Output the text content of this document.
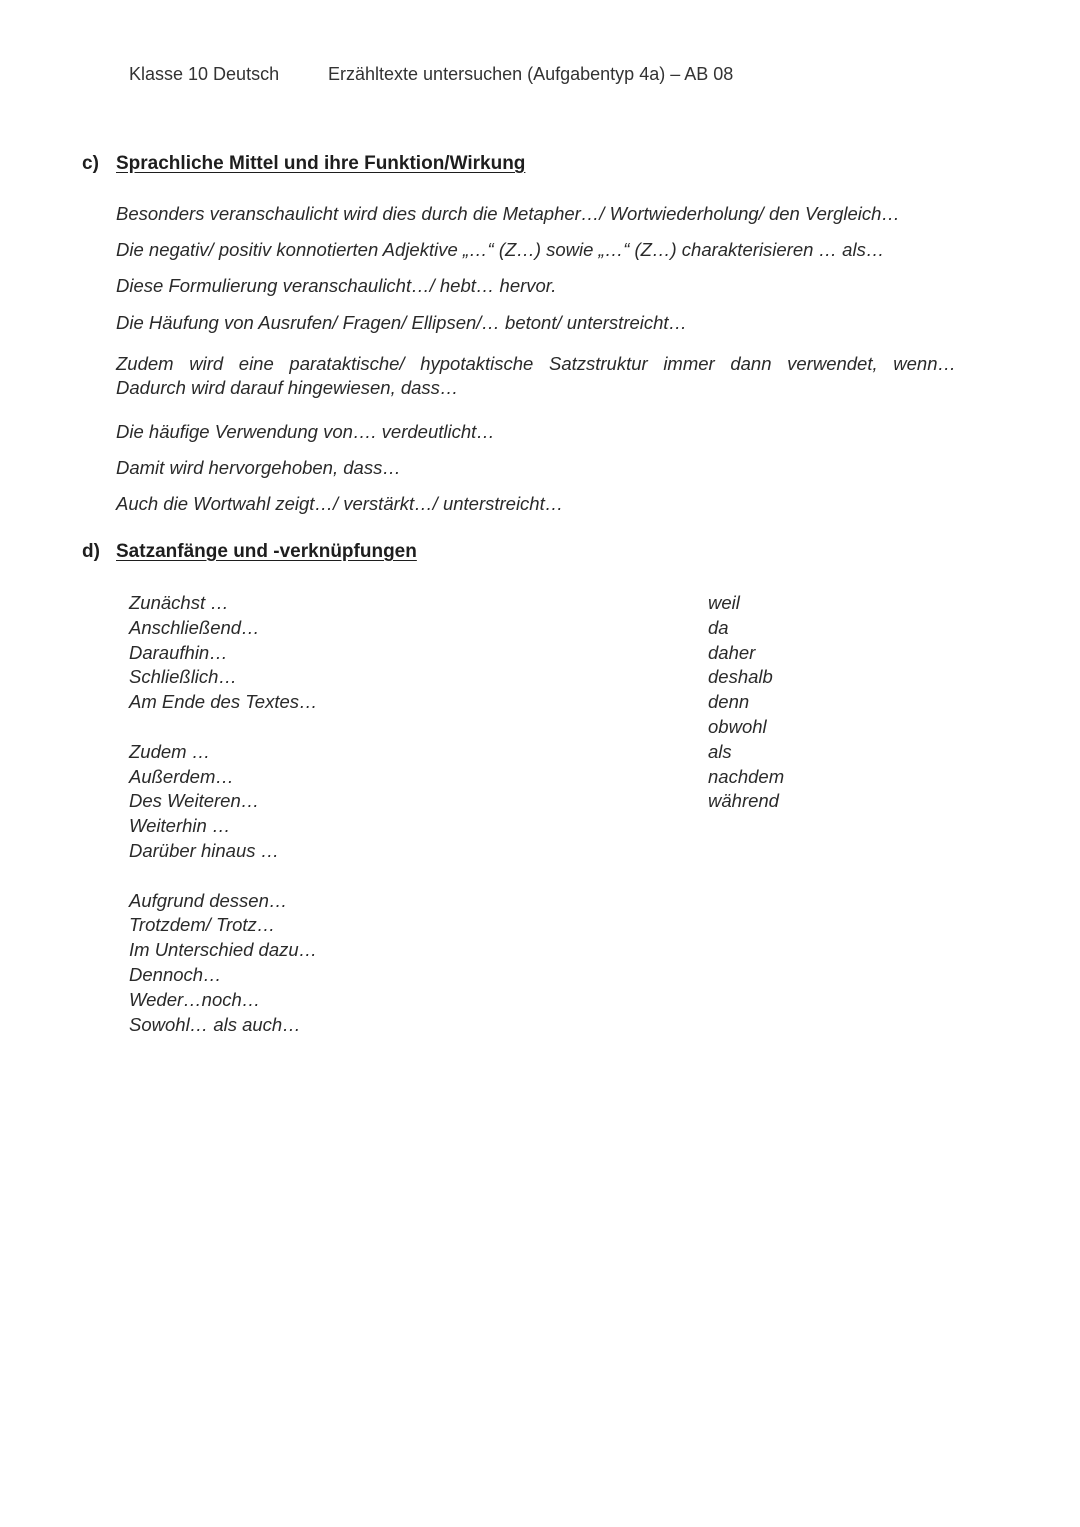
Klasse 10 Deutsch	Erzähltexte untersuchen (Aufgabentyp 4a) – AB 08
c) Sprachliche Mittel und ihre Funktion/Wirkung

Besonders veranschaulicht wird dies durch die Metapher…/ Wortwiederholung/ den Vergleich…

Die negativ/ positiv konnotierten Adjektive „…“ (Z…) sowie „…“ (Z…) charakterisieren … als…

Diese Formulierung veranschaulicht…/ hebt… hervor.

Die Häufung von Ausrufen/ Fragen/ Ellipsen/… betont/ unterstreicht…

Zudem wird eine parataktische/ hypotaktische Satzstruktur immer dann verwendet, wenn…
Dadurch wird darauf hingewiesen, dass…

Die häufige Verwendung von…. verdeutlicht…

Damit wird hervorgehoben, dass…

Auch die Wortwahl zeigt…/ verstärkt…/ unterstreicht…

d) Satzanfänge und -verknüpfungen
Zunächst …
Anschließend…
Daraufhin…
Schließlich…
Am Ende des Textes…
Zudem …
Außerdem…
Des Weiteren…
Weiterhin …
Darüber hinaus …
Aufgrund dessen…
Trotzdem/ Trotz…
Im Unterschied dazu…
Dennoch…
Weder…noch…
Sowohl… als auch…
weil
da
daher
deshalb
denn
obwohl
als
nachdem
während
